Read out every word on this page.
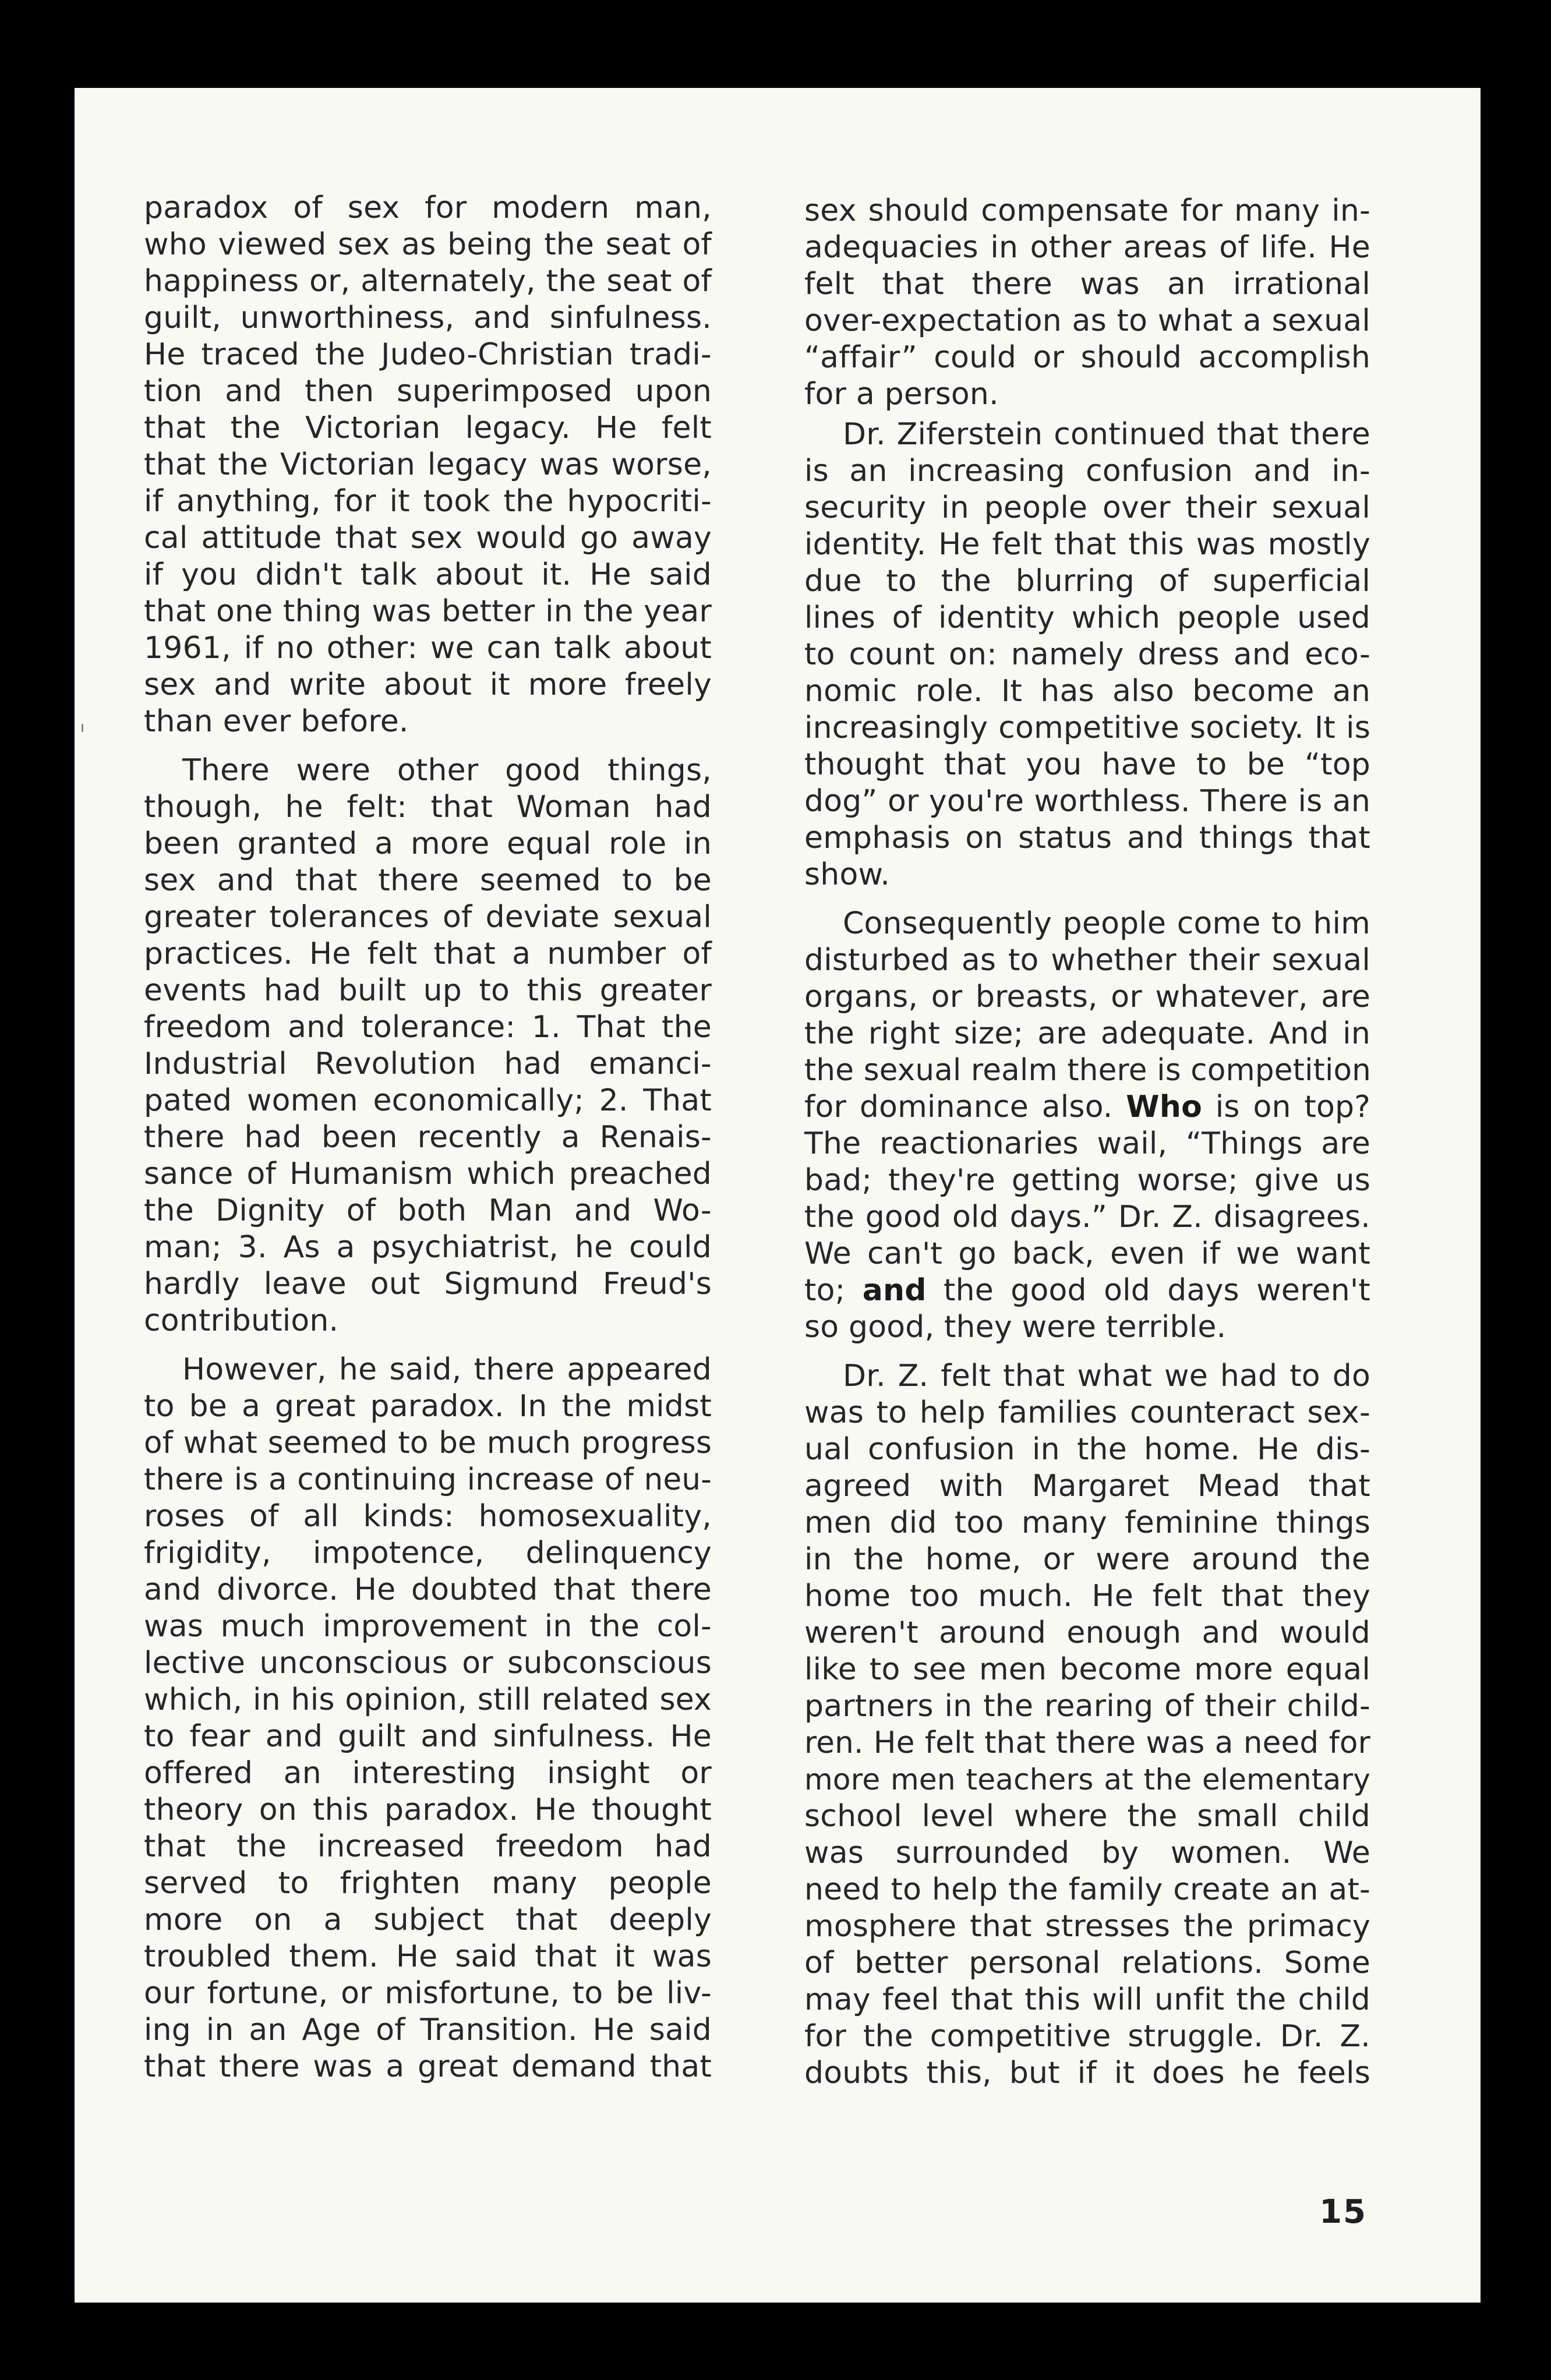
paradox of sex for modern man,
who viewed sex as being the seat of
happiness or, alternately, the seat of
guilt, unworthiness, and sinfulness.
He traced the Judeo-Christian tradi-
tion and then superimposed upon
that the Victorian legacy. He felt
that the Victorian legacy was worse,
if anything, for it took the hypocriti-
cal attitude that sex would go away
if you didn't talk about it. He said
that one thing was better in the year
1961, if no other: we can talk about
sex and write about it more freely
than ever before.
There were other good things,
though, he felt: that Woman had
been granted a more equal role in
sex and that there seemed to be
greater tolerances of deviate sexual
practices. He felt that a number of
events had built up to this greater
freedom and tolerance: 1. That the
Industrial Revolution had emanci-
pated women economically; 2. That
there had been recently a Renais-
sance of Humanism which preached
the Dignity of both Man and Wo-
man; 3. As a psychiatrist, he could
hardly leave out Sigmund Freud's
contribution.
However, he said, there appeared
to be a great paradox. In the midst
of what seemed to be much progress
there is a continuing increase of neu-
roses of all kinds: homosexuality,
frigidity, impotence, delinquency
and divorce. He doubted that there
was much improvement in the col-
lective unconscious or subconscious
which, in his opinion, still related sex
to fear and guilt and sinfulness. He
offered an interesting insight or
theory on this paradox. He thought
that the increased freedom had
served to frighten many people
more on a subject that deeply
troubled them. He said that it was
our fortune, or misfortune, to be liv-
ing in an Age of Transition. He said
that there was a great demand that
sex should compensate for many in-
adequacies in other areas of life. He
felt that there was an irrational
over-expectation as to what a sexual
“affair” could or should accomplish
for a person.
Dr. Ziferstein continued that there
is an increasing confusion and in-
security in people over their sexual
identity. He felt that this was mostly
due to the blurring of superficial
lines of identity which people used
to count on: namely dress and eco-
nomic role. It has also become an
increasingly competitive society. It is
thought that you have to be “top
dog” or you're worthless. There is an
emphasis on status and things that
show.
Consequently people come to him
disturbed as to whether their sexual
organs, or breasts, or whatever, are
the right size; are adequate. And in
the sexual realm there is competition
for dominance also. Who is on top?
The reactionaries wail, “Things are
bad; they're getting worse; give us
the good old days.” Dr. Z. disagrees.
We can't go back, even if we want
to; and the good old days weren't
so good, they were terrible.
Dr. Z. felt that what we had to do
was to help families counteract sex-
ual confusion in the home. He dis-
agreed with Margaret Mead that
men did too many feminine things
in the home, or were around the
home too much. He felt that they
weren't around enough and would
like to see men become more equal
partners in the rearing of their child-
ren. He felt that there was a need for
more men teachers at the elementary
school level where the small child
was surrounded by women. We
need to help the family create an at-
mosphere that stresses the primacy
of better personal relations. Some
may feel that this will unfit the child
for the competitive struggle. Dr. Z.
doubts this, but if it does he feels
15
